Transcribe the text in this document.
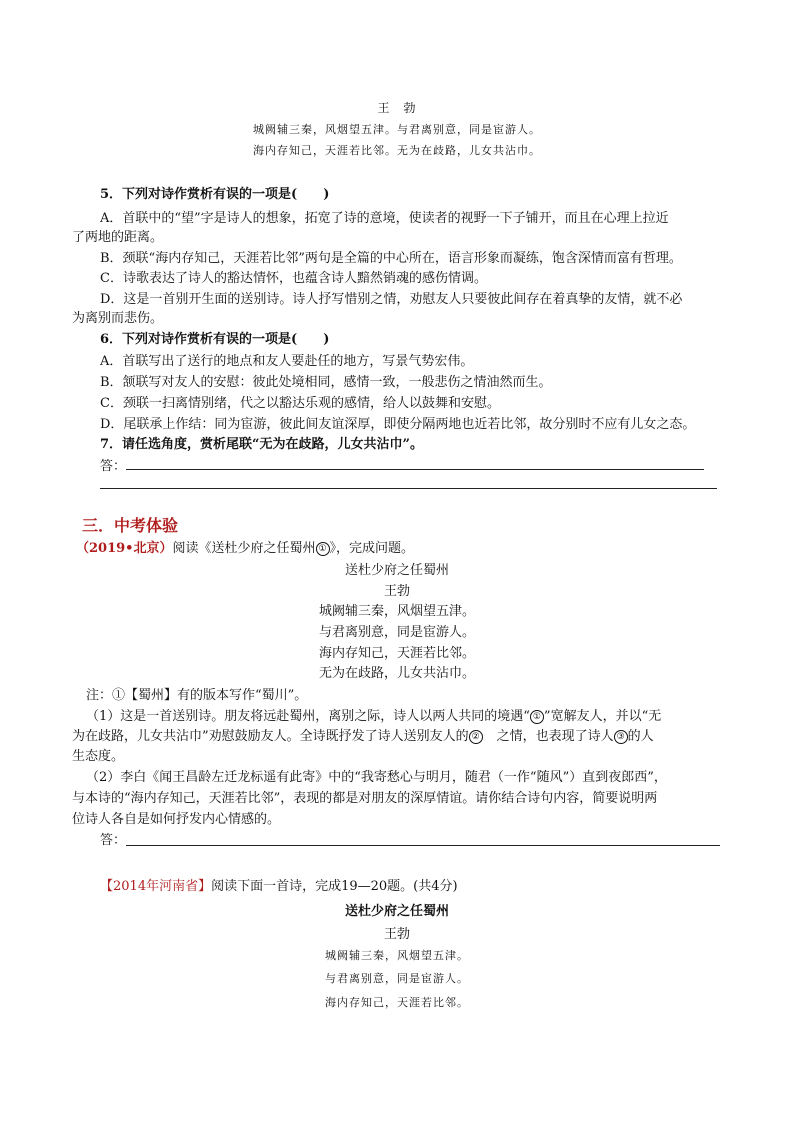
王　勃
城阙辅三秦，风烟望五津。与君离别意，同是宦游人。
海内存知己，天涯若比邻。无为在歧路，儿女共沾巾。
5．下列对诗作赏析有误的一项是(　　)
A．首联中的“望”字是诗人的想象，拓宽了诗的意境，使读者的视野一下子铺开，而且在心理上拉近
了两地的距离。
B．颈联“海内存知己，天涯若比邻”两句是全篇的中心所在，语言形象而凝练，饱含深情而富有哲理。
C．诗歌表达了诗人的豁达情怀，也蕴含诗人黯然销魂的感伤情调。
D．这是一首别开生面的送别诗。诗人抒写惜别之情，劝慰友人只要彼此间存在着真挚的友情，就不必
为离别而悲伤。
6．下列对诗作赏析有误的一项是(　　)
A．首联写出了送行的地点和友人要赴任的地方，写景气势宏伟。
B．颔联写对友人的安慰：彼此处境相同，感情一致，一般悲伤之情油然而生。
C．颈联一扫离情别绪，代之以豁达乐观的感情，给人以鼓舞和安慰。
D．尾联承上作结：同为宦游，彼此间友谊深厚，即使分隔两地也近若比邻，故分别时不应有儿女之态。
7．请任选角度，赏析尾联“无为在歧路，儿女共沾巾”。
答：
三．中考体验
（2019•北京）阅读《送杜少府之任蜀州 ① 》，完成问题。
送杜少府之任蜀州
王勃
城阙辅三秦，风烟望五津。
与君离别意，同是宦游人。
海内存知己，天涯若比邻。
无为在歧路，儿女共沾巾。
注：①【蜀州】有的版本写作“蜀川”。
（1）这是一首送别诗。朋友将远赴蜀州，离别之际，诗人以两人共同的境遇“ ① ”宽解友人，并以“无
为在歧路，儿女共沾巾”劝慰鼓励友人。全诗既抒发了诗人送别友人的 ② 之情，也表现了诗人 ③ 的人
生态度。
（2）李白《闻王昌龄左迁龙标遥有此寄》中的“我寄愁心与明月，随君（一作“随风”）直到夜郎西”，
与本诗的“海内存知己，天涯若比邻”，表现的都是对朋友的深厚情谊。请你结合诗句内容，简要说明两
位诗人各自是如何抒发内心情感的。
答：
【2014年河南省】阅读下面一首诗，完成19—20题。(共4分)
送杜少府之任蜀州
王勃
城阙辅三秦，风烟望五津。
与君离别意，同是宦游人。
海内存知己，天涯若比邻。
